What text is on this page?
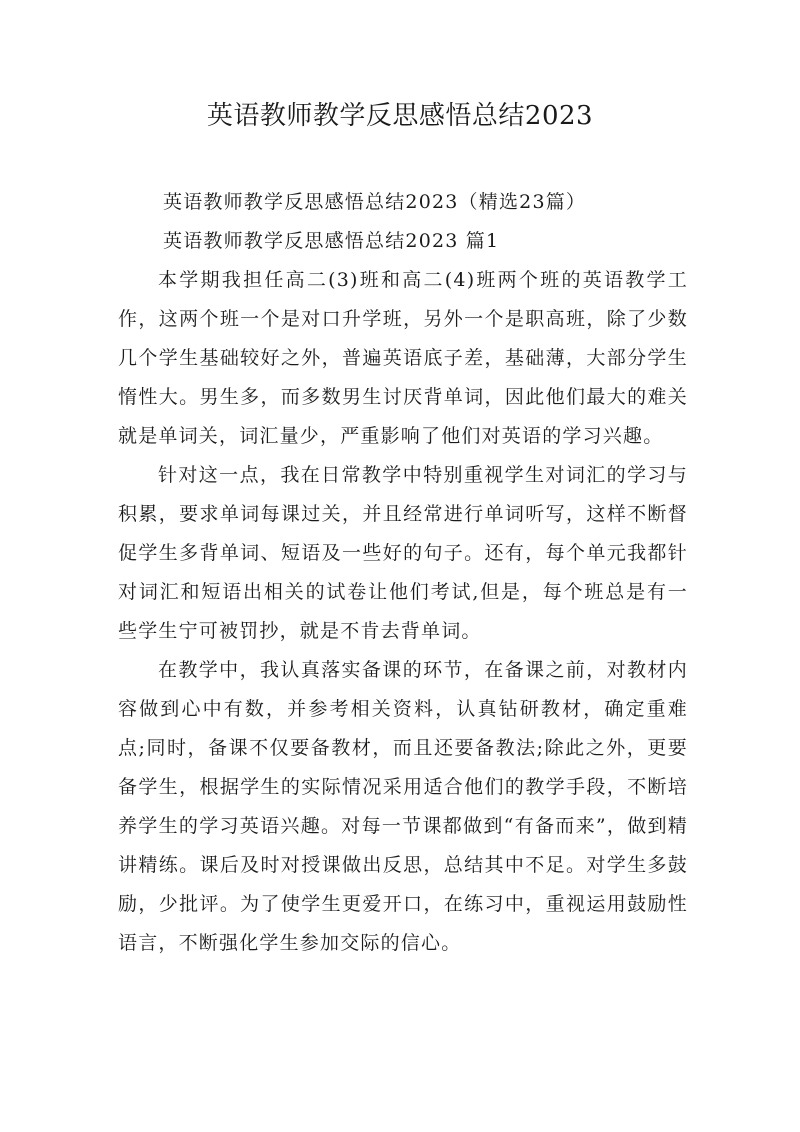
英语教师教学反思感悟总结2023
英语教师教学反思感悟总结2023（精选23篇）
英语教师教学反思感悟总结2023 篇1

本学期我担任高二(3)班和高二(4)班两个班的英语教学工作，这两个班一个是对口升学班，另外一个是职高班，除了少数几个学生基础较好之外，普遍英语底子差，基础薄，大部分学生惰性大。男生多，而多数男生讨厌背单词，因此他们最大的难关就是单词关，词汇量少，严重影响了他们对英语的学习兴趣。

针对这一点，我在日常教学中特别重视学生对词汇的学习与积累，要求单词每课过关，并且经常进行单词听写，这样不断督促学生多背单词、短语及一些好的句子。还有，每个单元我都针对词汇和短语出相关的试卷让他们考试,但是，每个班总是有一些学生宁可被罚抄，就是不肯去背单词。

在教学中，我认真落实备课的环节，在备课之前，对教材内容做到心中有数，并参考相关资料，认真钻研教材，确定重难点;同时，备课不仅要备教材，而且还要备教法;除此之外，更要备学生，根据学生的实际情况采用适合他们的教学手段，不断培养学生的学习英语兴趣。对每一节课都做到“有备而来”，做到精讲精练。课后及时对授课做出反思，总结其中不足。对学生多鼓励，少批评。为了使学生更爱开口，在练习中，重视运用鼓励性语言，不断强化学生参加交际的信心。
